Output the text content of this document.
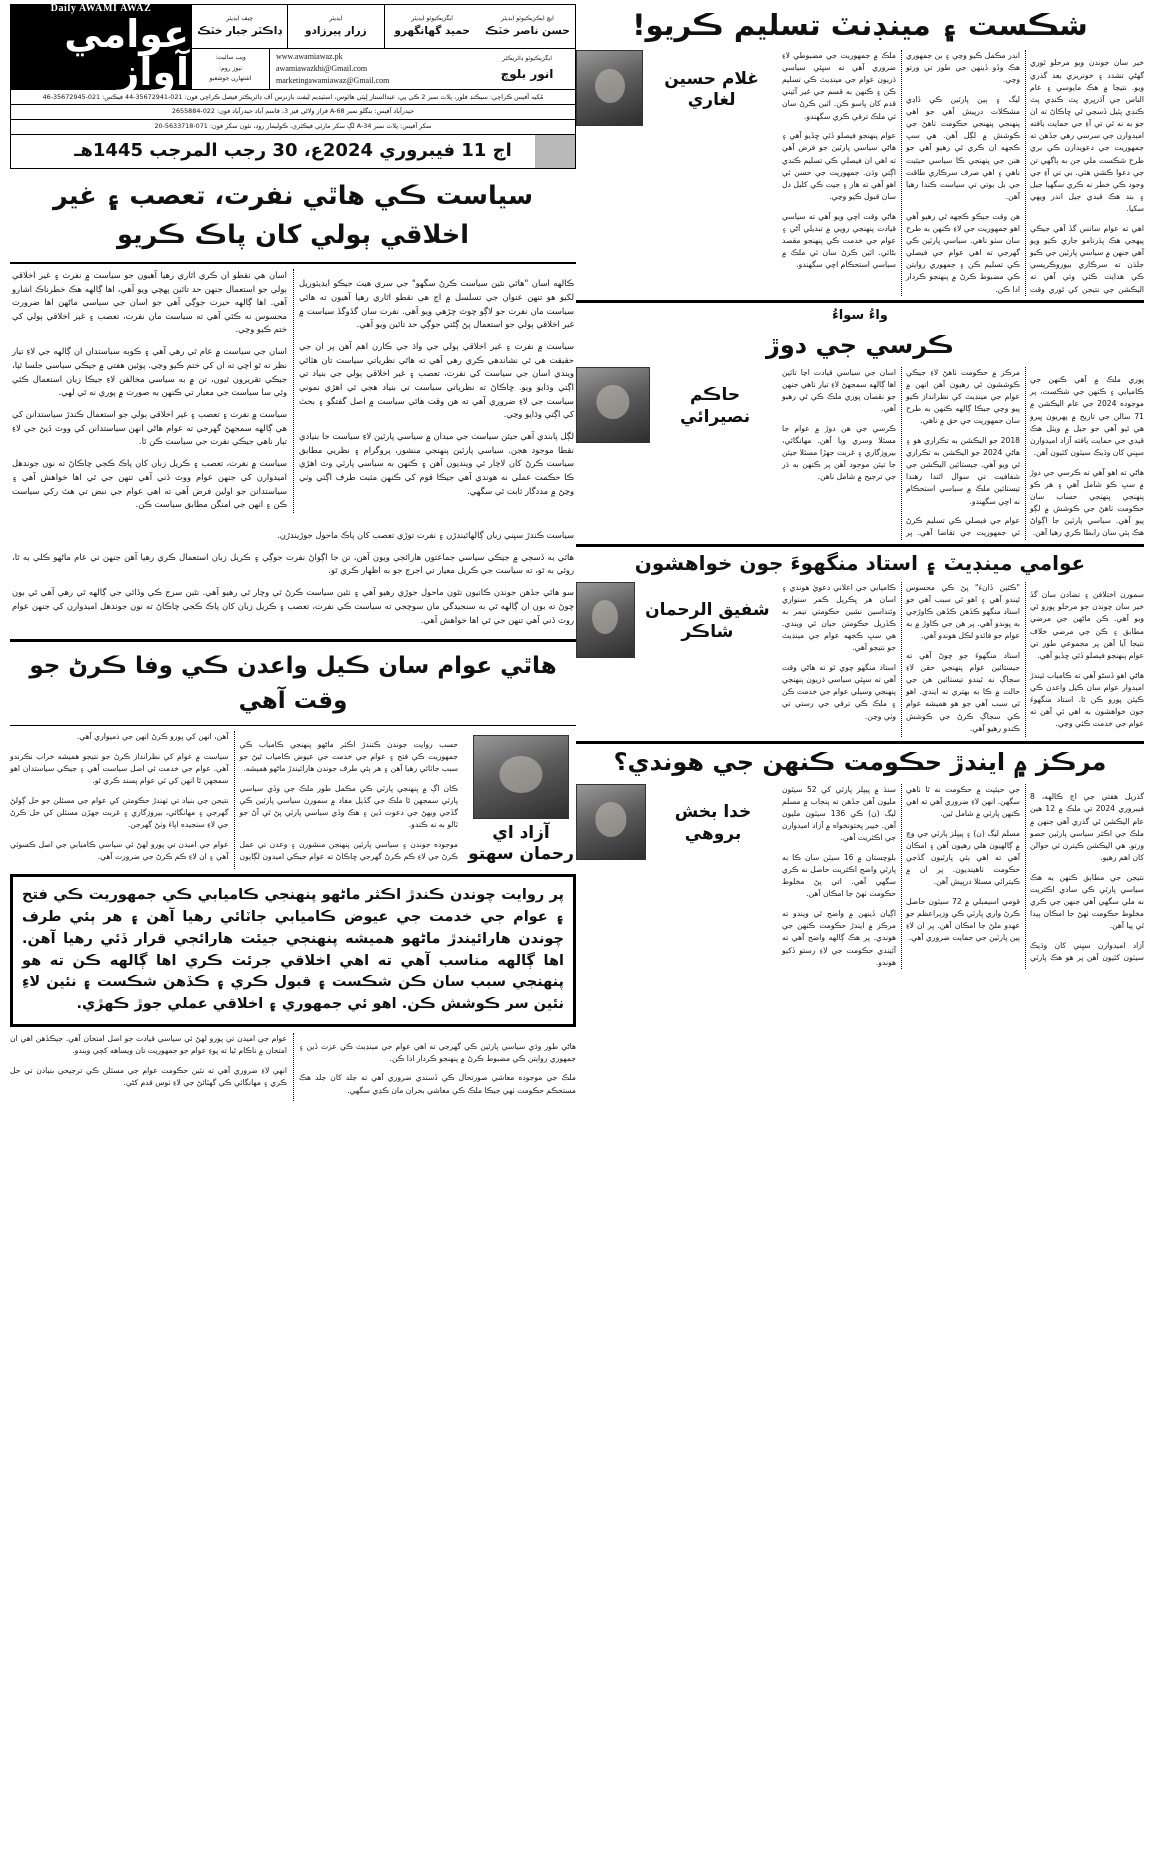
Daily AWAMI AWAZ
عوامي آواز
چيف ايڊيٽر
ڊاڪٽر جبار خٽڪ
ايڊيٽر
زرار پيرزادو
ايگزيڪيوٽو ايڊيٽر
حميد گهانگهرو
ايڇ ايڪزيڪيوٽو ايڊيٽر
حسن ناصر خٽڪ
ويب سائيٽ:
نيوز روم:
اشتهارن جوشعبو
www.awamiawaz.pk
awamiawazkhi@Gmail.com
marketingawamiawaz@Gmail.com
ايگزيڪيوٽو ڊائريڪٽر
انور بلوچ
مُکيه آفيس ڪراچي: سيڪنڊ فلور، پلاٽ نمبر 2 ڪي ٻي، عبدالستار لِيٽي هائوس، اسٽيڊيم ليفٽ بازنرس آف ڊائريڪٽر فيصل ڪراچي فون: 021-35672941-44 فيڪس: 021-35672945-46
حيدرآباد آفيس: بنگلو نمبر A-68 فراز ولاڻي فيز 3، قاسم آباد حيدرآباد فون: 022-2655884
سکر آفيس: پلاٽ نمبر A-34 لڳ سکر مارئي فيڪٽري، ڪوليمار روڊ، نئون سکر فون: 071-5633718-20
اڄ 11 فيبروري 2024ع، 30 رجب المرجب 1445هـ
سياست ڪي هاٿي نفرت، تعصب ۽ غير اخلاقي ٻولي کان پاڪ ڪريو

ڪالهه اسان "هاٿي نٿين سياست ڪرڻ سگهو" جي سري هيٺ جيڪو ايڊيٽوريل لکيو هو تنهن عنوان جي تسلسل ۾ اڄ هي نقطو اٿاري رهيا آهيون ته هاٿي سياست مان نفرت جو لاڳو چوٽ چڙهي ويو آهي. نفرت سان گڏوگڏ سياست ۾ غير اخلاقي ٻولي جو استعمال پڻ ڳڻتي جوڳي حد تائين ويو آهي.

سياست ۾ نفرت ۽ غير اخلاقي ٻولي جي واڌ جي ڪارن اهم آهن پر ان جي حقيقت هي ئي نشاندهي ڪري رهي آهي ته هاٿي نظرياتي سياست تان هٽائي ويندي اسان جي سياست کي نفرت، تعصب ۽ غير اخلاقي ٻولي جي بنياد تي اڳتي وڌايو ويو. ڇاڪاڻ ته نظرياتي سياست تي بنياد هجي ٿي اهڙي نموني سياست جي لاءِ ضروري آهي ته هن وقت هاٿي سياست ۾ اصل گفتگو ۽ بحث کي اڳتي وڌايو وڃي.

لڳل پابندي آهي جيئن سياست جي ميدان ۾ سياسي پارٽين لاءِ سياست جا بنيادي نقطا موجود هجن. سياسي پارٽين پنهنجي منشور، پروگرام ۽ نظريي مطابق سياست ڪرڻ کان لاچار ٿي وينديون آهن ۽ ڪنهن به سياسي پارٽي وٽ اهڙي ڪا حڪمت عملي نه هوندي آهي جيڪا قوم کي ڪنهن مثبت طرف اڳتي وٺي وڃڻ ۾ مددگار ثابت ٿي سگهي.

اسان هي نقطو ان ڪري اٿاري رهيا آهيون جو سياست ۾ نفرت ۽ غير اخلاقي ٻولي جو استعمال جنهن حد تائين پهچي ويو آهي، اها ڳالهه هڪ خطرناڪ اشارو آهي. اها ڳالهه حيرت جوڳي آهي جو اسان جي سياسي ماڻهن اها ضرورت محسوس نه ڪئي آهي ته سياست مان نفرت، تعصب ۽ غير اخلاقي ٻولي کي ختم ڪيو وڃي.

اسان جي سياست ۾ عام ٿي رهي آهي ۽ ڪوبه سياستدان ان ڳالهه جي لاءِ تيار نظر نه ٿو اچي ته ان کي ختم ڪيو وڃي. پوئين هفتي ۾ جيڪي سياسي جلسا ٿيا، جيڪي تقريرون ٿيون، تن ۾ به سياسي مخالفن لاءِ جيڪا زبان استعمال ڪئي وئي سا سياست جي معيار تي ڪنهن به صورت ۾ پوري نه ٿي لهي.

سياست ۾ نفرت ۽ تعصب ۽ غير اخلاقي ٻولي جو استعمال ڪندڙ سياستدانن کي هي ڳالهه سمجهڻ گهرجي ته عوام هاڻي انهن سياستدانن کي ووٽ ڏيڻ جي لاءِ تيار ناهي جيڪي نفرت جي سياست ڪن ٿا.

سياست ۾ نفرت، تعصب ۽ ڪريل زبان کان پاڪ ڪجي چاڪاڻ ته نون جوندهل اميدوارن کي جنهن عوام ووٽ ڏني آهي تنهن جي ٿي اها خواهش آهي ۽ سياستدانن جو اولين فرض آهي ته اهي عوام جي نبض تي هٿ رکي سياست ڪن ۽ انهن جي امنگن مطابق سياست ڪن.

سياست ڪندڙ سڀني زبان ڳالهائيندڙن ۽ نفرت توڙي تعصب کان پاڪ ماحول جوڙيندڙن.

هاٿي به ڏسجي ۾ جيڪي سياسي جماعتون هارائجي ويون آهن، تن جا اڳواڻ نفرت جوڳي ۽ ڪريل زبان استعمال ڪري رهيا آهن جنهن تي عام ماڻهو ڪلي به ٿا، روئي به ٿو، ته سياست جي ڪريل معيار تي اجرج جو به اظهار ڪري ٿو.

سو هاٿي جڏهن جوندن ڪانيون نٿون ماحول جوڙي رهيو آهي ۽ نٿين سياست ڪرڻ ٿي وچار ٿي رهيو آهي. نٿين سرج ڪي وڏائي جي ڳالهه ٿي رهي آهي ٿي بون چوڻ ته بون ان ڳالهه ٿي به سنجيدگي مان سوچجي ته سياست ڪي نفرت، تعصب ۽ ڪريل زبان کان پاڪ ڪجي چاڪاڻ ته نون جوندهل اميدوارن کي جنهن عوام روٽ ڏني آهي تنهن جي ٿي اها خواهش آهي.

هاٿي عوام سان ڪيل واعدن ڪي وفا ڪرڻ جو وقت آهي

حسب روايت جوندن ڪنندڙ اڪثر ماڻهو پنهنجي ڪامياب ڪي جمهوريت ڪي فتح ۽ عوام جي خدمت جي عيوض ڪامياب ٿيڻ جو سبب جاٽائي رهيا آهن ۽ هر ٻئي طرف جوندن هارائيندڙ ماڻهو هميشه.

ڪان اڳ ۾ پنهنجي پارٽي ڪي مڪمل طور ملڪ جي وڏي سياسي پارٽي سمجهن ٿا ملڪ جي گڏيل مفاد ۾ سمورن سياسي پارٽين ڪي گڏجي ويهڻ جي دعوت ڏين ۽ هڪ وڏي سياسي پارٽي پڻ ٿي آڻ جو ٽالو به نه ڪندو.

موجوده جوندن ۽ سياسي پارٽين پنهنجن منشورن ۽ وعدن تي عمل ڪرڻ جي لاءِ ڪم ڪرڻ گهرجي ڇاڪاڻ ته عوام جيڪي اميدون لڳايون آهن، انهن کي پورو ڪرڻ انهن جي ذميواري آهي.

سياست ۾ عوام کي نظرانداز ڪرڻ جو نتيجو هميشه خراب نڪرندو آهي. عوام جي خدمت ئي اصل سياست آهي ۽ جيڪي سياستدان اهو سمجهن ٿا انهن کي ئي عوام پسند ڪري ٿو.

نتيجن جي بنياد تي ٺهندڙ حڪومتن کي عوام جي مسئلن جو حل ڳولڻ گهرجي ۽ مهانگائي، بيروزگاري ۽ غربت جهڙن مسئلن کي حل ڪرڻ جي لاءِ سنجيده اپاءَ وٺڻ گهرجن.

عوام جي اميدن تي پورو لهڻ ئي سياسي ڪاميابي جي اصل ڪسوٽي آهي ۽ ان لاءِ ڪم ڪرڻ جي ضرورت آهي.

آزاد اي رحمان سهتو
پر روايت چوندن ڪندڙ اڪثر ماڻهو پنهنجي ڪاميابي ڪي جمهوريت ڪي فتح ۽ عوام جي خدمت جي عيوض ڪاميابي جاٽائي رهيا آهن ۽ هر ٻئي طرف چوندن هارائيندڙ ماڻهو هميشه پنهنجي جيئت هارائجي قرار ڏئي رهيا آهن. اها ڳالهه مناسب آهي ته اهي اخلاقي جرئت ڪري اها ڳالهه ڪن ته هو پنهنجي سبب سان ڪن شڪست ۽ قبول ڪري ۽ ڪڏهن شڪست ۽ نئين لاءِ نئين سر ڪوشش ڪن. اهو ئي جمهوري ۽ اخلاقي عملي جوڙ ڪهڙي.

هاڻي طور وڌي سياسي پارٽين ڪي گهرجي ته اهي عوام جي مينڊيٽ ڪي عزت ڏين ۽ جمهوري روايتن ڪي مضبوط ڪرڻ ۾ پنهنجو ڪردار ادا ڪن.

ملڪ جي موجوده معاشي صورتحال ڪي ڏسندي ضروري آهي ته جلد کان جلد هڪ مستحڪم حڪومت ٺهي جيڪا ملڪ ڪي معاشي بحران مان ڪڍي سگهي.

عوام جي اميدن تي پورو لهڻ ئي سياسي قيادت جو اصل امتحان آهي. جيڪڏهن اهي ان امتحان ۾ ناڪام ٿيا ته پوءِ عوام جو جمهوريت تان ويساهه کڄي ويندو.

انهي لاءِ ضروري آهي ته نئين حڪومت عوام جي مسئلن ڪي ترجيحي بنيادن تي حل ڪري ۽ مهانگائي ڪي گهٽائڻ جي لاءِ ٺوس قدم کڻي.

شڪست ۽ مينڊنٽ تسليم ڪريو!
غلام حسين لغاري

خير سان جوندن ويو مرحلو ٿوري گهڻي تشدد ۽ خونريزي بعد گذري ويو. نتيجا ۾ هڪ مايوسي ۽ عام الناس جي آڌرڀري پٽ ڪنڊي پٽ ڪنڊي پٽيل ڏسجي ٿي ڇاڪاڻ ته ان جو به نه ٿي تي آءِ جي حمايت يافته اميدوارن جي سرسي رهي جڏهن ته جمهوريت جي دعويدارن ڪي بري طرح شڪست ملي جن به ٻاگهي تن جي دعوا ڪشي هئي. بي تي آءِ جي وجود ڪي خطر نه ڪري سگهيا جيل ۽ بند هڪ قيدي جيل اندر ويهي سکيا.

اهي ته عوام سانس گڏ آهي جيڪي پيهجي هڪ پڌرنامو جاري ڪيو ويو آهي جنهن ۾ سياسي پارٽين جي ڪيو جلڌن ته سرڪاري بيوروڪريسي ڪي هدايت ڪئي وئي آهي ته اليڪشن جي نتيجن کي ٿوري وقت اندر مڪمل ڪيو وڃي ۽ بن جمهوري هڪ وڏو ڏينهن جي طور تي ورتو وڃي.

ليگ ۽ ٻين پارٽين ڪي ڏاڍي مشڪلات درپيش آهي جو اهي پنهنجي پنهنجي حڪومت ٺاهڻ جي ڪوشش ۾ لڳل آهن. هي سڀ ڪجهه ان ڪري ٿي رهيو آهي جو هنن جي پنهنجي ڪا سياسي حيثيت ناهي ۽ اهي صرف سرڪاري طاقت جي بل بوتي تي سياست ڪندا رهيا آهن.

هن وقت جيڪو ڪجهه ٿي رهيو آهي اهو جمهوريت جي لاءِ ڪنهن به طرح سان سٺو ناهي. سياسي پارٽين ڪي گهرجي ته اهي عوام جي فيصلي ڪي تسليم ڪن ۽ جمهوري روايتن ڪي مضبوط ڪرڻ ۾ پنهنجو ڪردار ادا ڪن.

ملڪ ۾ جمهوريت جي مضبوطي لاءِ ضروري آهي ته سڀئي سياسي ڌريون عوام جي مينڊيٽ ڪي تسليم ڪن ۽ ڪنهن به قسم جي غير آئيني قدم کان پاسو ڪن. ائين ڪرڻ سان ئي ملڪ ترقي ڪري سگهندو.

عوام پنهنجو فيصلو ڏئي ڇڏيو آهي ۽ هاڻي سياسي پارٽين جو فرض آهي ته اهي ان فيصلي ڪي تسليم ڪندي اڳتي وڌن. جمهوريت جي حسن ئي اهو آهي ته هار ۽ جيت ڪي کليل دل سان قبول ڪيو وڃي.

هاڻي وقت اچي ويو آهي ته سياسي قيادت پنهنجي رويي ۾ تبديلي آڻي ۽ عوام جي خدمت ڪي پنهنجو مقصد بڻائي. ائين ڪرڻ سان ئي ملڪ ۾ سياسي استحڪام اچي سگهندو.

واءُ سواءُ
ڪرسي جي دوڙ
حاڪم نصيرائي

پوري ملڪ ۾ آهي ڪنهن جي ڪاميابي ۽ ڪنهن جي شڪست، پر موجوده 2024 جي عام اليڪشن ۾ 71 سالن جي تاريخ ۾ پهريون ڀيرو هي ٿيو آهي جو جيل ۾ ويٺل هڪ قيدي جي حمايت يافته آزاد اميدوارن سڀني کان وڌيڪ سيٽون کٽيون آهن.

هاڻي ته اهو آهي ته ڪرسي جي دوڙ ۾ سڀ ڪو شامل آهي ۽ هر ڪو پنهنجي پنهنجي حساب سان حڪومت ٺاهڻ جي ڪوشش ۾ لڳو پيو آهي. سياسي پارٽين جا اڳواڻ هڪ ٻئي سان رابطا ڪري رهيا آهن.

مرڪز ۾ حڪومت ٺاهڻ لاءِ جيڪي ڪوششون ٿي رهيون آهن انهن ۾ عوام جي مينڊيٽ کي نظرانداز ڪيو پيو وڃي جيڪا ڳالهه ڪنهن به طرح سان جمهوريت جي حق ۾ ناهي.

2018 جو اليڪشن به تڪراري هو ۽ هاڻي 2024 جو اليڪشن به تڪراري ٿي ويو آهي. جيستائين اليڪشن جي شفافيت تي سوال اٿندا رهندا تيستائين ملڪ ۾ سياسي استحڪام نه اچي سگهندو.

عوام جي فيصلي ڪي تسليم ڪرڻ ئي جمهوريت جي تقاضا آهي. پر اسان جي سياسي قيادت اڃا تائين اها ڳالهه سمجهڻ لاءِ تيار ناهي جنهن جو نقصان پوري ملڪ ڪي ٿي رهيو آهي.

ڪرسي جي هن دوڙ ۾ عوام جا مسئلا وسري ويا آهن. مهانگائي، بيروزگاري ۽ غربت جهڙا مسئلا جيئن جا تيئن موجود آهن پر ڪنهن به ڌر جي ترجيح ۾ شامل ناهن.

عوامي مينڊيٽ ۽ استاد منگهوءَ جون خواهشون
شفيق الرحمان شاڪر

سمورن اختلافن ۽ تضادن سان گڏ خير سان چوندن جو مرحلو پورو ٿي ويو آهي. ڪن ماڻهن جي مرضي مطابق ۽ ڪن جي مرضي خلاف نتيجا آيا آهن پر مجموعي طور تي عوام پنهنجو فيصلو ڏئي ڇڏيو آهي.

هاڻي اهو ڏسڻو آهي ته ڪامياب ٿيندڙ اميدوار عوام سان ڪيل واعدن ڪي ڪيئن پورو ڪن ٿا. استاد منگهوءَ جون خواهشون به اهي ئي آهن ته عوام جي خدمت ڪئي وڃي.

"ڪئين ڏانءَ" پڻ ڪي محسوس ٿيندو آهي ۽ اهو ئي سبب آهي جو استاد منگهو ڪڏهن ڪڏهن ڪاوڙجي به پوندو آهي. پر هن جي ڪاوڙ ۾ به عوام جو فائدو لڪل هوندو آهي.

استاد منگهوءَ جو چوڻ آهي ته جيستائين عوام پنهنجي حقن لاءِ سجاڳ نه ٿيندو تيستائين هن جي حالت ۾ ڪا به بهتري نه ايندي. اهو ئي سبب آهي جو هو هميشه عوام ڪي سجاڳ ڪرڻ جي ڪوشش ڪندو رهيو آهي.

ڪاميابي جي اعلاني دعويٰ هوندي ۽ اسان هر ڀڪريل ڪمر سنواري وئنداسين نشين حڪومتي تيمر به ڪڏريل حڪومتن جيان ٿي ويندي. هي سڀ ڪجهه عوام جي مينڊيٽ جو نتيجو آهي.

استاد منگهو چوي ٿو ته هاڻي وقت آهي ته سڀئي سياسي ڌريون پنهنجي پنهنجي وسيلي عوام جي خدمت ڪن ۽ ملڪ ڪي ترقي جي رستي تي وٺي وڃن.

مرڪز ۾ ايندڙ حڪومت ڪنهن جي هوندي؟
خدا بخش بروهي

گذريل هفتي جي اڄ ڪالهه، 8 فيبروري 2024 تي ملڪ ۾ 12 هين عام اليڪشن ٿي گذري آهي جنهن ۾ ملڪ جي اڪثر سياسي پارٽين حصو ورتو. هي اليڪشن ڪيترن ئي حوالن کان اهم رهيو.

نتيجن جي مطابق ڪنهن به هڪ سياسي پارٽي ڪي سادي اڪثريت نه ملي سگهي آهي جنهن جي ڪري مخلوط حڪومت ٺهڻ جا امڪان پيدا ٿي پيا آهن.

آزاد اميدوارن سڀني کان وڌيڪ سيٽون کٽيون آهن پر هو هڪ پارٽي جي حيثيت ۾ حڪومت نه ٿا ٺاهي سگهن. انهن لاءِ ضروري آهي ته اهي ڪنهن پارٽي ۾ شامل ٿين.

مسلم ليگ (ن) ۽ پيپلز پارٽي جي وچ ۾ ڳالهيون هلي رهيون آهن ۽ امڪان آهي ته اهي ٻئي پارٽيون گڏجي حڪومت ٺاهينديون. پر ان ۾ ڪيترائي مسئلا درپيش آهن.

قومي اسيمبلي ۾ 72 سيٽون حاصل ڪرڻ واري پارٽي ڪي وزيراعظم جو عهدو ملڻ جا امڪان آهن. پر ان لاءِ ٻين پارٽين جي حمايت ضروري آهي.

سنڌ ۾ پيپلز پارٽي کي 52 سيٽون مليون آهن جڏهن ته پنجاب ۾ مسلم ليگ (ن) ڪي 136 سيٽون مليون آهن. خيبر پختونخواه ۾ آزاد اميدوارن جي اڪثريت آهي.

بلوچستان ۾ 16 سيٽن سان ڪا به پارٽي واضح اڪثريت حاصل نه ڪري سگهي آهي. اتي پڻ مخلوط حڪومت ٺهڻ جا امڪان آهن.

اڳيان ڏينهن ۾ واضح ٿي ويندو ته مرڪز ۾ ايندڙ حڪومت ڪنهن جي هوندي. پر هڪ ڳالهه واضح آهي ته آئيندي حڪومت جي لاءِ رستو ڏکيو هوندو.
